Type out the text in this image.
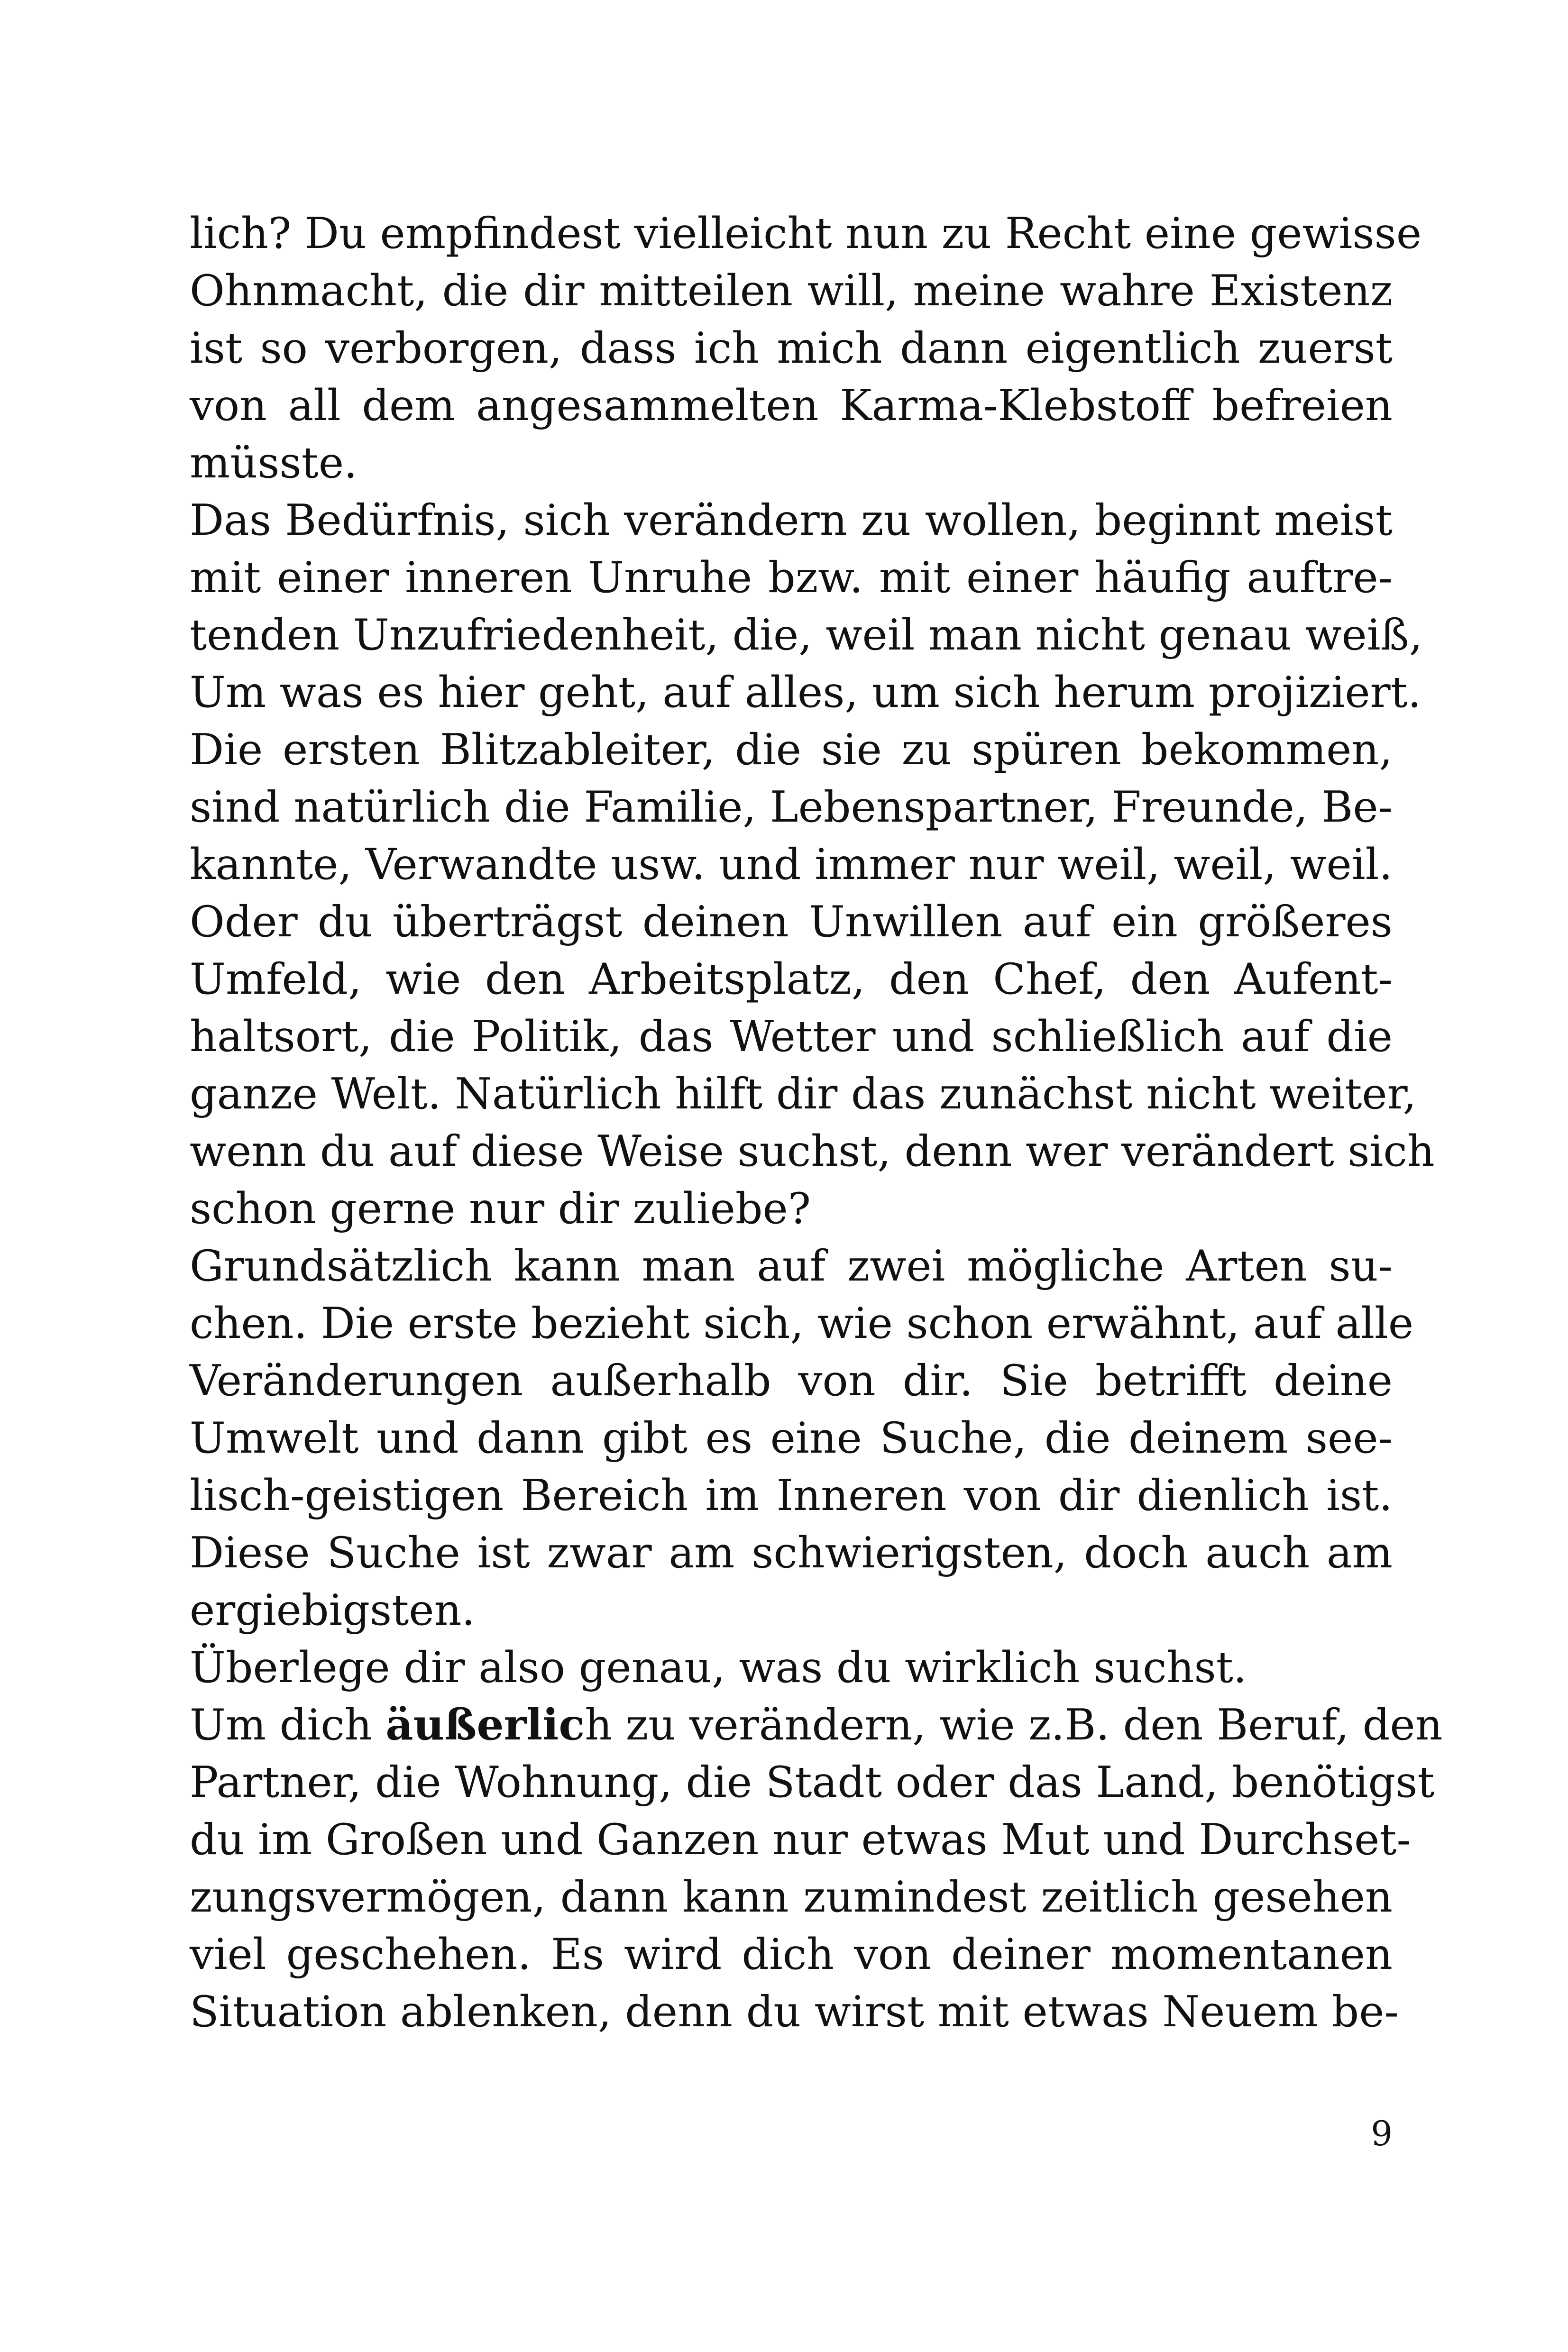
lich? Du empfindest vielleicht nun zu Recht eine gewisse
Ohnmacht, die dir mitteilen will, meine wahre Existenz
ist so verborgen, dass ich mich dann eigentlich zuerst
von all dem angesammelten Karma-Klebstoff befreien
müsste.
Das Bedürfnis, sich verändern zu wollen, beginnt meist
mit einer inneren Unruhe bzw. mit einer häufig auftre-
tenden Unzufriedenheit, die, weil man nicht genau weiß,
Um was es hier geht, auf alles, um sich herum projiziert.
Die ersten Blitzableiter, die sie zu spüren bekommen,
sind natürlich die Familie, Lebenspartner, Freunde, Be-
kannte, Verwandte usw. und immer nur weil, weil, weil.
Oder du überträgst deinen Unwillen auf ein größeres
Umfeld, wie den Arbeitsplatz, den Chef, den Aufent-
haltsort, die Politik, das Wetter und schließlich auf die
ganze Welt. Natürlich hilft dir das zunächst nicht weiter,
wenn du auf diese Weise suchst, denn wer verändert sich
schon gerne nur dir zuliebe?
Grundsätzlich kann man auf zwei mögliche Arten su-
chen. Die erste bezieht sich, wie schon erwähnt, auf alle
Veränderungen außerhalb von dir. Sie betrifft deine
Umwelt und dann gibt es eine Suche, die deinem see-
lisch-geistigen Bereich im Inneren von dir dienlich ist.
Diese Suche ist zwar am schwierigsten, doch auch am
ergiebigsten.
Überlege dir also genau, was du wirklich suchst.
Um dich äußerlich zu verändern, wie z.B. den Beruf, den
Partner, die Wohnung, die Stadt oder das Land, benötigst
du im Großen und Ganzen nur etwas Mut und Durchset-
zungsvermögen, dann kann zumindest zeitlich gesehen
viel geschehen. Es wird dich von deiner momentanen
Situation ablenken, denn du wirst mit etwas Neuem be-
9
